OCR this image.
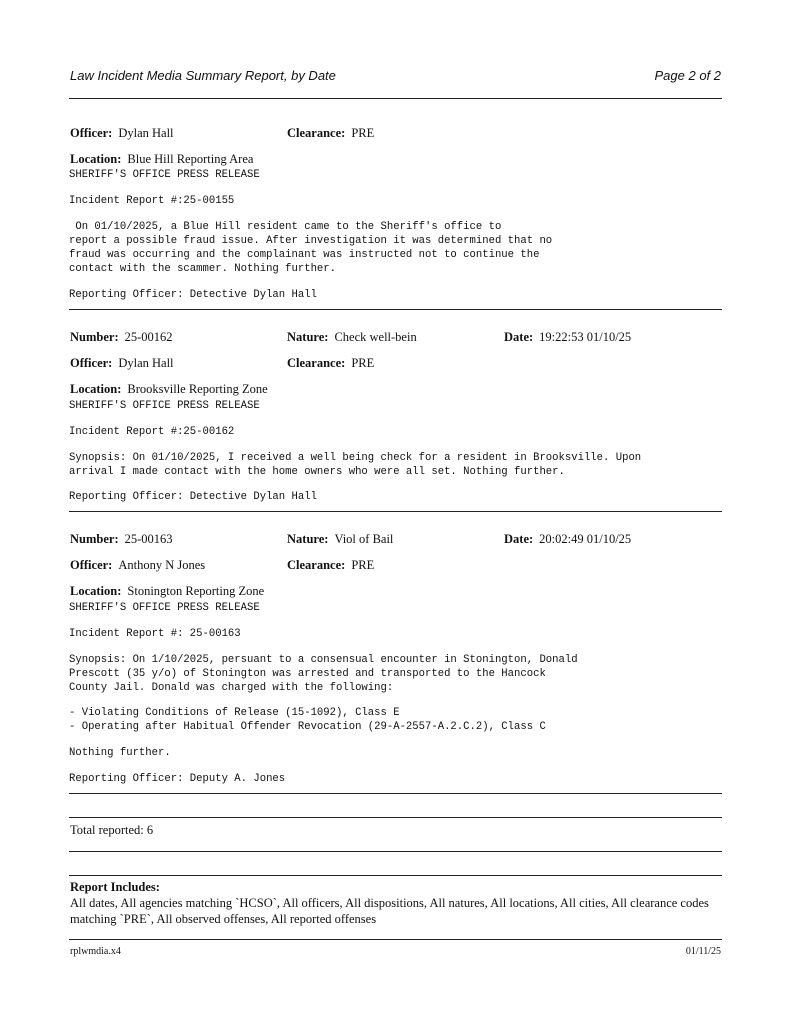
Law Incident Media Summary Report, by Date	Page 2 of 2
Officer: Dylan Hall	Clearance: PRE
Location: Blue Hill Reporting Area
SHERIFF'S OFFICE PRESS RELEASE
Incident Report #:25-00155
On 01/10/2025, a Blue Hill resident came to the Sheriff's office to
report a possible fraud issue. After investigation it was determined that no
fraud was occurring and the complainant was instructed not to continue the
contact with the scammer. Nothing further.
Reporting Officer: Detective Dylan Hall
Number: 25-00162	Nature: Check well-bein	Date: 19:22:53 01/10/25
Officer: Dylan Hall	Clearance: PRE
Location: Brooksville Reporting Zone
SHERIFF'S OFFICE PRESS RELEASE
Incident Report #:25-00162
Synopsis: On 01/10/2025, I received a well being check for a resident in Brooksville. Upon
arrival I made contact with the home owners who were all set. Nothing further.
Reporting Officer: Detective Dylan Hall
Number: 25-00163	Nature: Viol of Bail	Date: 20:02:49 01/10/25
Officer: Anthony N Jones	Clearance: PRE
Location: Stonington Reporting Zone
SHERIFF'S OFFICE PRESS RELEASE
Incident Report #: 25-00163
Synopsis: On 1/10/2025, persuant to a consensual encounter in Stonington, Donald
Prescott (35 y/o) of Stonington was arrested and transported to the Hancock
County Jail. Donald was charged with the following:
- Violating Conditions of Release (15-1092), Class E
- Operating after Habitual Offender Revocation (29-A-2557-A.2.C.2), Class C
Nothing further.
Reporting Officer: Deputy A. Jones
Total reported: 6
Report Includes:
All dates, All agencies matching `HCSO`, All officers, All dispositions, All natures, All locations, All cities, All clearance codes matching `PRE`, All observed offenses, All reported offenses
rplwmdia.x4	01/11/25
